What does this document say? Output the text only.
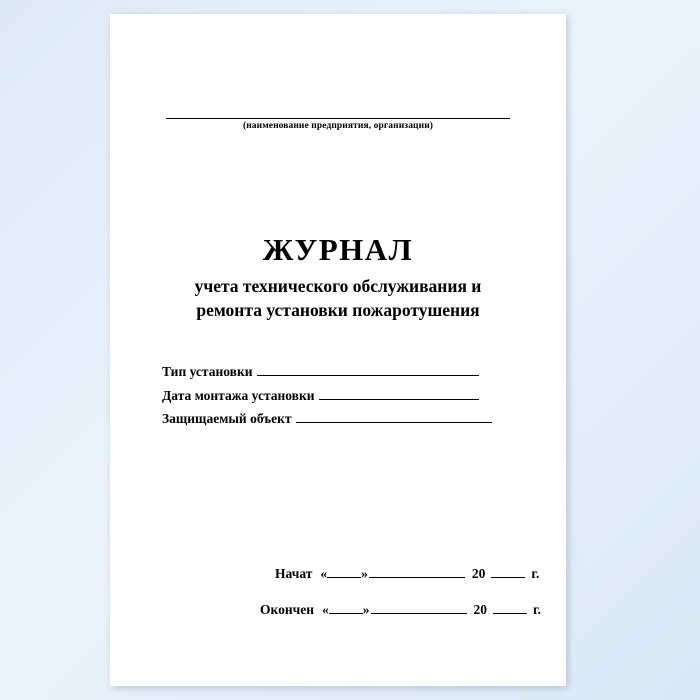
(наименование предприятия, организации)
ЖУРНАЛ
учета технического обслуживания и
ремонта установки пожаротушения
Тип установки
Дата монтажа установки
Защищаемый объект
Начат «	»	20	г.
Окончен «	»	20	г.
